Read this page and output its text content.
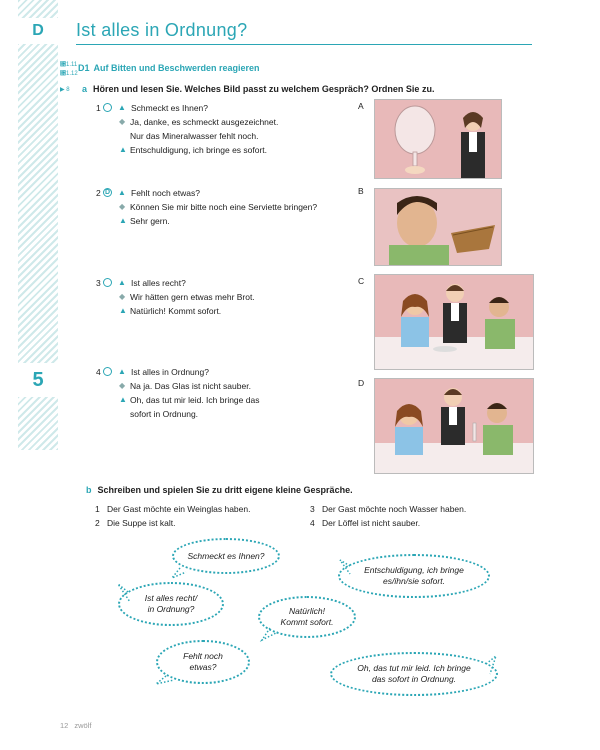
D
5
Ist alles in Ordnung?
␹1.11
␹1.12
D1 Auf Bitten und Beschwerden reagieren
▶ 8 a Hören und lesen Sie. Welches Bild passt zu welchem Gespräch? Ordnen Sie zu.
1 ▲ Schmeckt es Ihnen?
◆ Ja, danke, es schmeckt ausgezeichnet.
Nur das Mineralwasser fehlt noch.
▲ Entschuldigung, ich bringe es sofort.
2 D ▲ Fehlt noch etwas?
◆ Können Sie mir bitte noch eine Serviette bringen?
▲ Sehr gern.
3 ▲ Ist alles recht?
◆ Wir hätten gern etwas mehr Brot.
▲ Natürlich! Kommt sofort.
4 ▲ Ist alles in Ordnung?
◆ Na ja. Das Glas ist nicht sauber.
▲ Oh, das tut mir leid. Ich bringe das
sofort in Ordnung.
A
B
C
D
b Schreiben und spielen Sie zu dritt eigene kleine Gespräche.
1 Der Gast möchte ein Weinglas haben.
2 Die Suppe ist kalt.
3 Der Gast möchte noch Wasser haben.
4 Der Löffel ist nicht sauber.
Schmeckt es Ihnen?
Entschuldigung, ich bringe
es/ihn/sie sofort.
Ist alles recht/
in Ordnung?	Natürlich!
Kommt sofort.
Fehlt noch
etwas?	Oh, das tut mir leid. Ich bringe
das sofort in Ordnung.
12 zwölf
